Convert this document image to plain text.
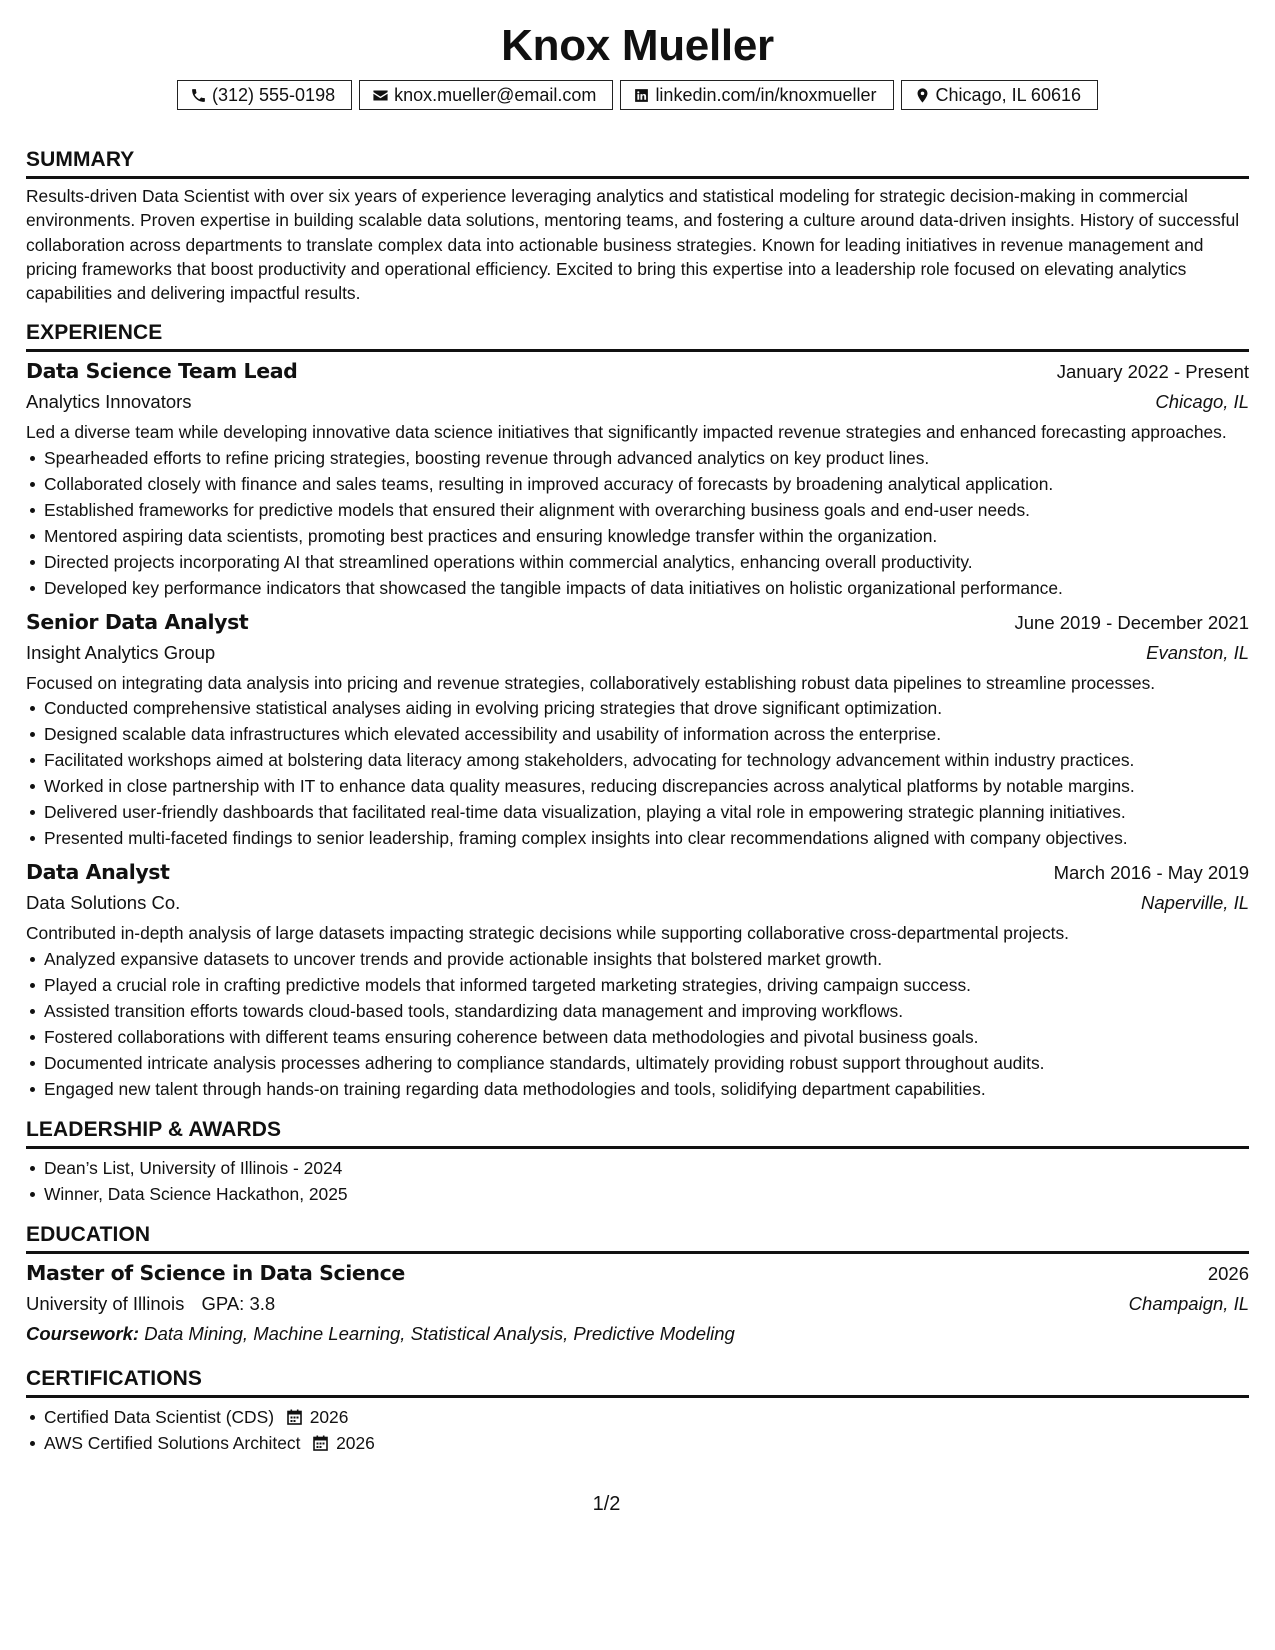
Knox Mueller
(312) 555-0198	knox.mueller@email.com	linkedin.com/in/knoxmueller	Chicago, IL 60616
SUMMARY

Results-driven Data Scientist with over six years of experience leveraging analytics and statistical modeling for strategic decision-making in commercial environments. Proven expertise in building scalable data solutions, mentoring teams, and fostering a culture around data-driven insights. History of successful collaboration across departments to translate complex data into actionable business strategies. Known for leading initiatives in revenue management and pricing frameworks that boost productivity and operational efficiency. Excited to bring this expertise into a leadership role focused on elevating analytics capabilities and delivering impactful results.

EXPERIENCE
Data Science Team Lead	January 2022 - Present
Analytics Innovators	Chicago, IL

Led a diverse team while developing innovative data science initiatives that significantly impacted revenue strategies and enhanced forecasting approaches.

Spearheaded efforts to refine pricing strategies, boosting revenue through advanced analytics on key product lines.
Collaborated closely with finance and sales teams, resulting in improved accuracy of forecasts by broadening analytical application.
Established frameworks for predictive models that ensured their alignment with overarching business goals and end-user needs.
Mentored aspiring data scientists, promoting best practices and ensuring knowledge transfer within the organization.
Directed projects incorporating AI that streamlined operations within commercial analytics, enhancing overall productivity.
Developed key performance indicators that showcased the tangible impacts of data initiatives on holistic organizational performance.
Senior Data Analyst	June 2019 - December 2021
Insight Analytics Group	Evanston, IL

Focused on integrating data analysis into pricing and revenue strategies, collaboratively establishing robust data pipelines to streamline processes.

Conducted comprehensive statistical analyses aiding in evolving pricing strategies that drove significant optimization.
Designed scalable data infrastructures which elevated accessibility and usability of information across the enterprise.
Facilitated workshops aimed at bolstering data literacy among stakeholders, advocating for technology advancement within industry practices.
Worked in close partnership with IT to enhance data quality measures, reducing discrepancies across analytical platforms by notable margins.
Delivered user-friendly dashboards that facilitated real-time data visualization, playing a vital role in empowering strategic planning initiatives.
Presented multi-faceted findings to senior leadership, framing complex insights into clear recommendations aligned with company objectives.
Data Analyst	March 2016 - May 2019
Data Solutions Co.	Naperville, IL

Contributed in-depth analysis of large datasets impacting strategic decisions while supporting collaborative cross-departmental projects.

Analyzed expansive datasets to uncover trends and provide actionable insights that bolstered market growth.
Played a crucial role in crafting predictive models that informed targeted marketing strategies, driving campaign success.
Assisted transition efforts towards cloud-based tools, standardizing data management and improving workflows.
Fostered collaborations with different teams ensuring coherence between data methodologies and pivotal business goals.
Documented intricate analysis processes adhering to compliance standards, ultimately providing robust support throughout audits.
Engaged new talent through hands-on training regarding data methodologies and tools, solidifying department capabilities.
LEADERSHIP & AWARDS
Dean’s List, University of Illinois - 2024
Winner, Data Science Hackathon, 2025
EDUCATION
Master of Science in Data Science	2026
University of Illinois GPA: 3.8	Champaign, IL
Coursework: Data Mining, Machine Learning, Statistical Analysis, Predictive Modeling
CERTIFICATIONS
Certified Data Scientist (CDS) 2026
AWS Certified Solutions Architect 2026
1/2
